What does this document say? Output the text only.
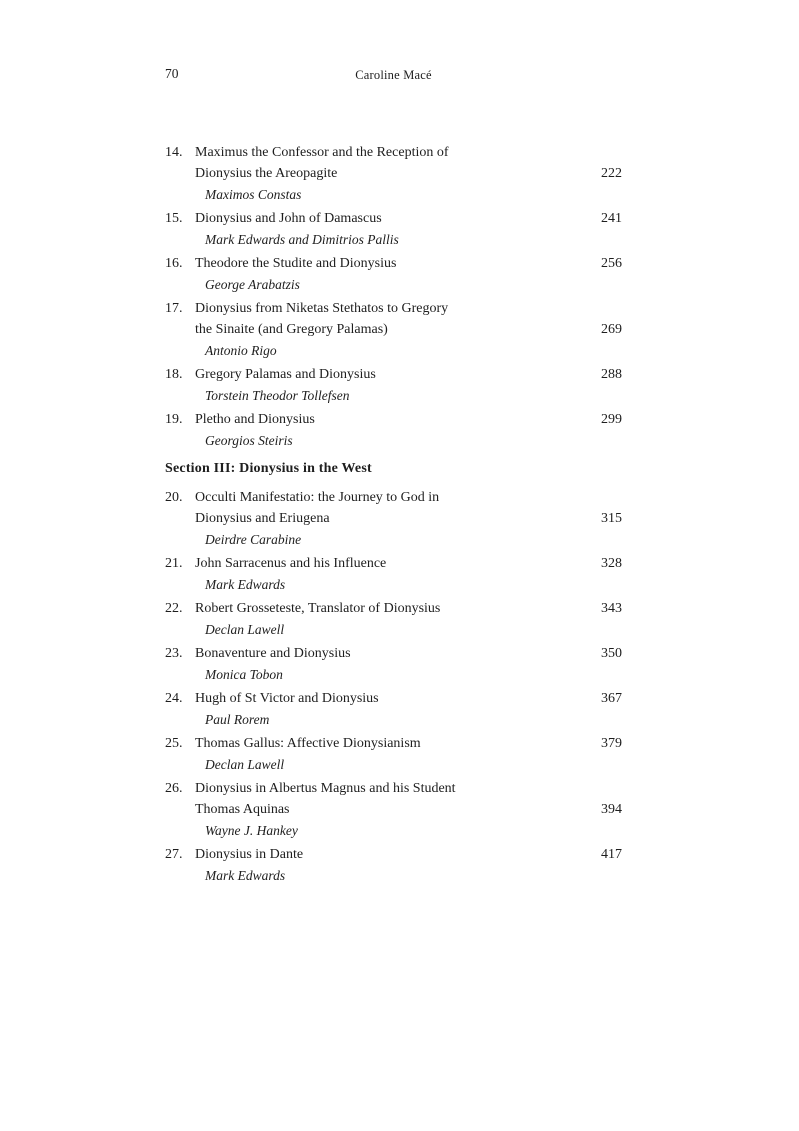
70	Caroline Macé
14. Maximus the Confessor and the Reception of
Dionysius the Areopagite	222
Maximos Constas
15. Dionysius and John of Damascus	241
Mark Edwards and Dimitrios Pallis
16. Theodore the Studite and Dionysius	256
George Arabatzis
17. Dionysius from Niketas Stethatos to Gregory
the Sinaite (and Gregory Palamas)	269
Antonio Rigo
18. Gregory Palamas and Dionysius	288
Torstein Theodor Tollefsen
19. Pletho and Dionysius	299
Georgios Steiris
Section III: Dionysius in the West
20. Occulti Manifestatio: the Journey to God in
Dionysius and Eriugena	315
Deirdre Carabine
21. John Sarracenus and his Influence	328
Mark Edwards
22. Robert Grosseteste, Translator of Dionysius	343
Declan Lawell
23. Bonaventure and Dionysius	350
Monica Tobon
24. Hugh of St Victor and Dionysius	367
Paul Rorem
25. Thomas Gallus: Affective Dionysianism	379
Declan Lawell
26. Dionysius in Albertus Magnus and his Student
Thomas Aquinas	394
Wayne J. Hankey
27. Dionysius in Dante	417
Mark Edwards
